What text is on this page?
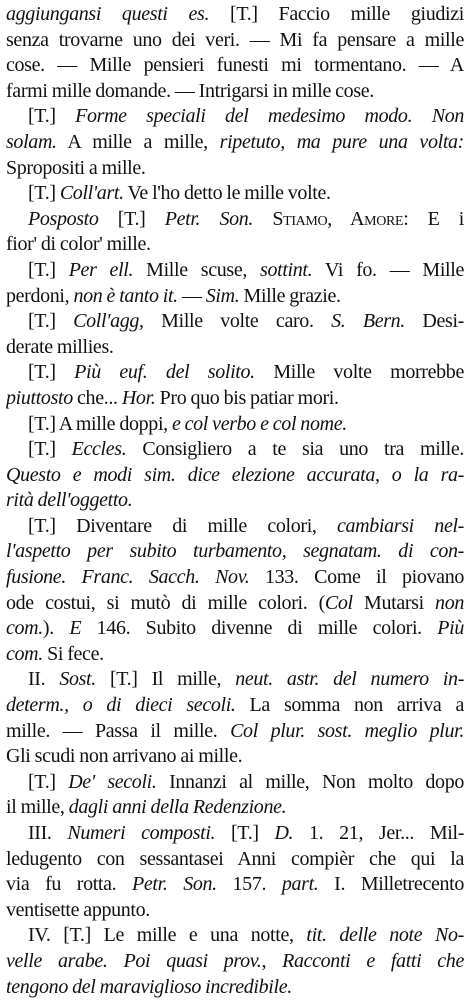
aggiungansi questi es. [T.] Faccio mille giudizi
senza trovarne uno dei veri. — Mi fa pensare a mille
cose. — Mille pensieri funesti mi tormentano. — A
farmi mille domande. — Intrigarsi in mille cose.
[T.] Forme speciali del medesimo modo. Non
solam. A mille a mille, ripetuto, ma pure una volta:
Spropositi a mille.
[T.] Coll'art. Ve l'ho detto le mille volte.
Posposto [T.] Petr. Son. Stiamo, Amore: E i
fior' di color' mille.
[T.] Per ell. Mille scuse, sottint. Vi fo. — Mille
perdoni, non è tanto it. — Sim. Mille grazie.
[T.] Coll'agg, Mille volte caro. S. Bern. Desi-
derate millies.
[T.] Più euf. del solito. Mille volte morrebbe
piuttosto che... Hor. Pro quo bis patiar mori.
[T.] A mille doppi, e col verbo e col nome.
[T.] Eccles. Consigliero a te sia uno tra mille.
Questo e modi sim. dice elezione accurata, o la ra-
rità dell'oggetto.
[T.] Diventare di mille colori, cambiarsi nel-
l'aspetto per subito turbamento, segnatam. di con-
fusione. Franc. Sacch. Nov. 133. Come il piovano
ode costui, si mutò di mille colori. (Col Mutarsi non
com.). E 146. Subito divenne di mille colori. Più
com. Si fece.
II. Sost. [T.] Il mille, neut. astr. del numero in-
determ., o di dieci secoli. La somma non arriva a
mille. — Passa il mille. Col plur. sost. meglio plur.
Gli scudi non arrivano ai mille.
[T.] De' secoli. Innanzi al mille, Non molto dopo
il mille, dagli anni della Redenzione.
III. Numeri composti. [T.] D. 1. 21, Jer... Mil-
ledugento con sessantasei Anni compièr che qui la
via fu rotta. Petr. Son. 157. part. I. Milletrecento
ventisette appunto.
IV. [T.] Le mille e una notte, tit. delle note No-
velle arabe. Poi quasi prov., Racconti e fatti che
tengono del maraviglioso incredibile.
